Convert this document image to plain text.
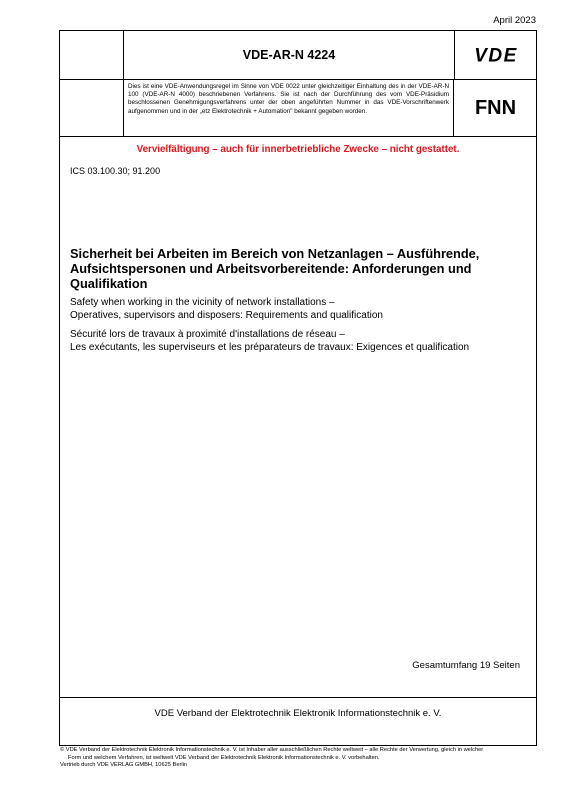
April 2023
VDE-AR-N 4224	VDE
Dies ist eine VDE-Anwendungsregel im Sinne von VDE 0022 unter gleichzeitiger Einhaltung des in der VDE-AR-N 100 (VDE-AR-N 4000) beschriebenen Verfahrens. Sie ist nach der Durchführung des vom VDE-Präsidium beschlossenen Genehmigungsverfahrens unter der oben angeführten Nummer in das VDE-Vorschriftenwerk aufgenommen und in der „etz Elektrotechnik + Automation" bekannt gegeben worden.	FNN
Vervielfältigung – auch für innerbetriebliche Zwecke – nicht gestattet.
ICS 03.100.30; 91.200
Sicherheit bei Arbeiten im Bereich von Netzanlagen – Ausführende, Aufsichtspersonen und Arbeitsvorbereitende: Anforderungen und Qualifikation
Safety when working in the vicinity of network installations –
Operatives, supervisors and disposers: Requirements and qualification
Sécurité lors de travaux à proximité d'installations de réseau –
Les exécutants, les superviseurs et les préparateurs de travaux: Exigences et qualification
Gesamtumfang 19 Seiten
VDE Verband der Elektrotechnik Elektronik Informationstechnik e. V.
© VDE Verband der Elektrotechnik Elektronik Informationstechnik e. V. ist Inhaber aller ausschließlichen Rechte weltweit – alle Rechte der Verwertung, gleich in welcher
Form und welchem Verfahren, ist weltweit VDE Verband der Elektrotechnik Elektronik Informationstechnik e. V. vorbehalten.
Vertrieb durch VDE VERLAG GMBH, 10625 Berlin
